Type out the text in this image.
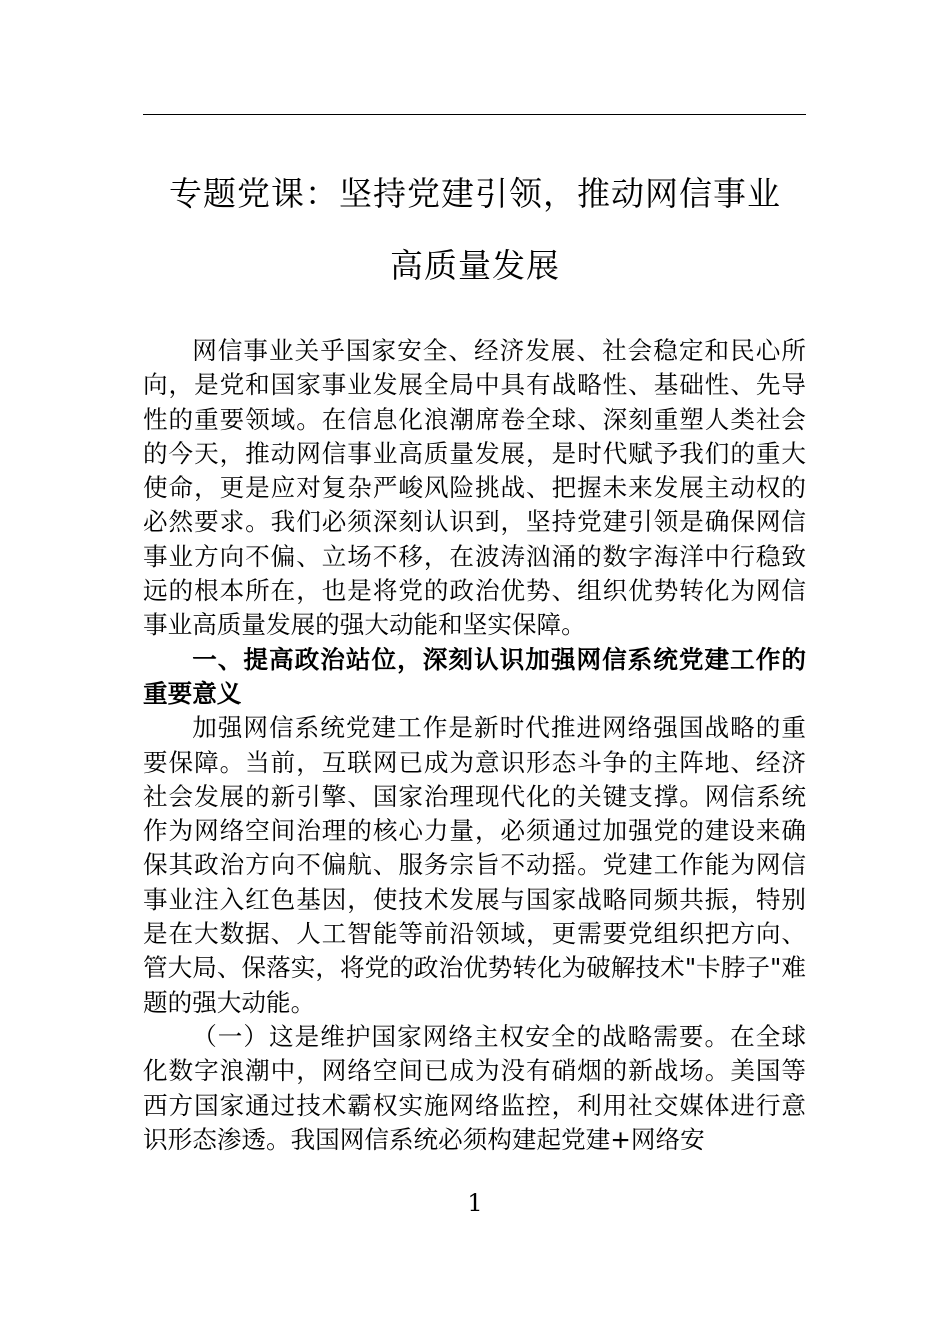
专题党课：坚持党建引领，推动网信事业
高质量发展

网信事业关乎国家安全、经济发展、社会稳定和民心所向，是党和国家事业发展全局中具有战略性、基础性、先导性的重要领域。在信息化浪潮席卷全球、深刻重塑人类社会的今天，推动网信事业高质量发展，是时代赋予我们的重大使命，更是应对复杂严峻风险挑战、把握未来发展主动权的必然要求。我们必须深刻认识到，坚持党建引领是确保网信事业方向不偏、立场不移，在波涛汹涌的数字海洋中行稳致远的根本所在，也是将党的政治优势、组织优势转化为网信事业高质量发展的强大动能和坚实保障。

一、提高政治站位，深刻认识加强网信系统党建工作的重要意义

加强网信系统党建工作是新时代推进网络强国战略的重要保障。当前，互联网已成为意识形态斗争的主阵地、经济社会发展的新引擎、国家治理现代化的关键支撑。网信系统作为网络空间治理的核心力量，必须通过加强党的建设来确保其政治方向不偏航、服务宗旨不动摇。党建工作能为网信事业注入红色基因，使技术发展与国家战略同频共振，特别是在大数据、人工智能等前沿领域，更需要党组织把方向、管大局、保落实，将党的政治优势转化为破解技术"卡脖子"难题的强大动能。

（一）这是维护国家网络主权安全的战略需要。在全球化数字浪潮中，网络空间已成为没有硝烟的新战场。美国等西方国家通过技术霸权实施网络监控，利用社交媒体进行意识形态渗透。我国网信系统必须构建起党建+网络安

1
